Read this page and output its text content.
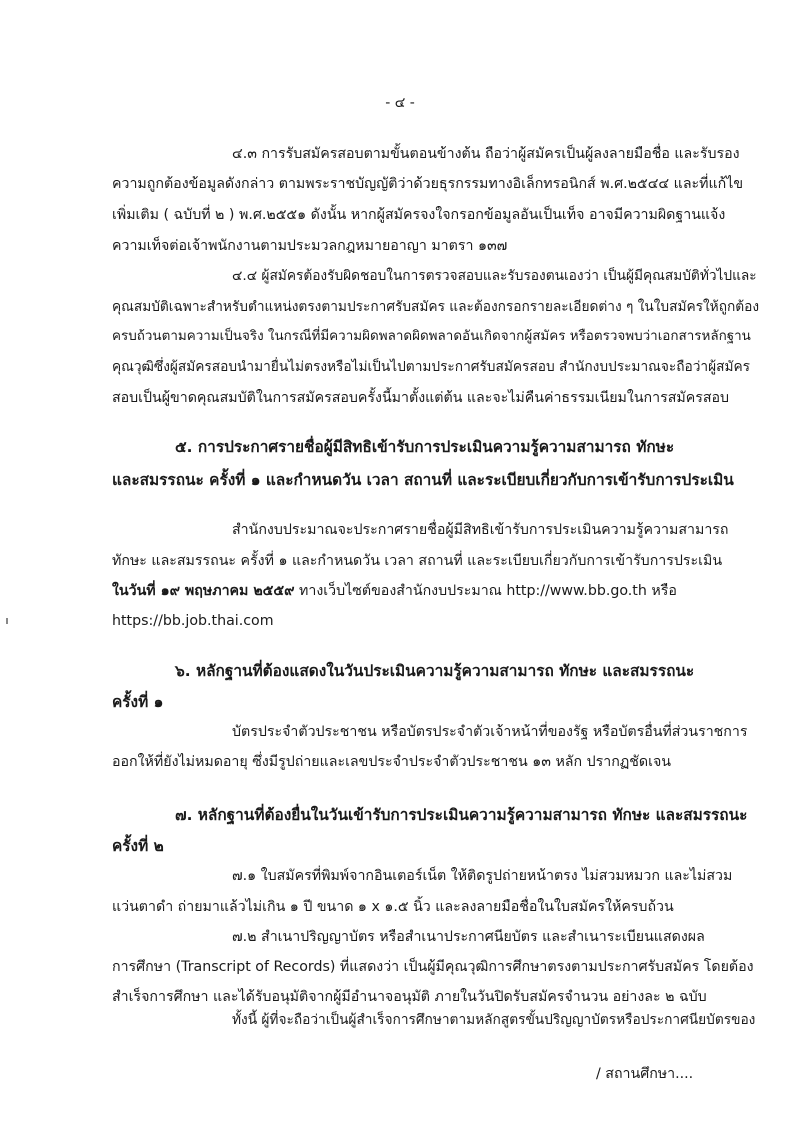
- ๔ -
๔.๓ การรับสมัครสอบตามขั้นตอนข้างต้น ถือว่าผู้สมัครเป็นผู้ลงลายมือชื่อ และรับรอง
ความถูกต้องข้อมูลดังกล่าว ตามพระราชบัญญัติว่าด้วยธุรกรรมทางอิเล็กทรอนิกส์ พ.ศ.๒๕๔๔ และที่แก้ไข
เพิ่มเติม ( ฉบับที่ ๒ ) พ.ศ.๒๕๕๑ ดังนั้น หากผู้สมัครจงใจกรอกข้อมูลอันเป็นเท็จ อาจมีความผิดฐานแจ้ง
ความเท็จต่อเจ้าพนักงานตามประมวลกฎหมายอาญา มาตรา ๑๓๗
๔.๔ ผู้สมัครต้องรับผิดชอบในการตรวจสอบและรับรองตนเองว่า เป็นผู้มีคุณสมบัติทั่วไปและ
คุณสมบัติเฉพาะสำหรับตำแหน่งตรงตามประกาศรับสมัคร และต้องกรอกรายละเอียดต่าง ๆ ในใบสมัครให้ถูกต้อง
ครบถ้วนตามความเป็นจริง ในกรณีที่มีความผิดพลาดผิดพลาดอันเกิดจากผู้สมัคร หรือตรวจพบว่าเอกสารหลักฐาน
คุณวุฒิซึ่งผู้สมัครสอบนำมายื่นไม่ตรงหรือไม่เป็นไปตามประกาศรับสมัครสอบ สำนักงบประมาณจะถือว่าผู้สมัคร
สอบเป็นผู้ขาดคุณสมบัติในการสมัครสอบครั้งนี้มาตั้งแต่ต้น และจะไม่คืนค่าธรรมเนียมในการสมัครสอบ
๕. การประกาศรายชื่อผู้มีสิทธิเข้ารับการประเมินความรู้ความสามารถ ทักษะ
และสมรรถนะ ครั้งที่ ๑ และกำหนดวัน เวลา สถานที่ และระเบียบเกี่ยวกับการเข้ารับการประเมิน
สำนักงบประมาณจะประกาศรายชื่อผู้มีสิทธิเข้ารับการประเมินความรู้ความสามารถ
ทักษะ และสมรรถนะ ครั้งที่ ๑ และกำหนดวัน เวลา สถานที่ และระเบียบเกี่ยวกับการเข้ารับการประเมิน
ในวันที่ ๑๙ พฤษภาคม ๒๕๕๙ ทางเว็บไซต์ของสำนักงบประมาณ http://www.bb.go.th หรือ
https://bb.job.thai.com
๖. หลักฐานที่ต้องแสดงในวันประเมินความรู้ความสามารถ ทักษะ และสมรรถนะ
ครั้งที่ ๑
บัตรประจำตัวประชาชน หรือบัตรประจำตัวเจ้าหน้าที่ของรัฐ หรือบัตรอื่นที่ส่วนราชการ
ออกให้ที่ยังไม่หมดอายุ ซึ่งมีรูปถ่ายและเลขประจำประจำตัวประชาชน ๑๓ หลัก ปรากฏชัดเจน
๗. หลักฐานที่ต้องยื่นในวันเข้ารับการประเมินความรู้ความสามารถ ทักษะ และสมรรถนะ
ครั้งที่ ๒
๗.๑ ใบสมัครที่พิมพ์จากอินเตอร์เน็ต ให้ติดรูปถ่ายหน้าตรง ไม่สวมหมวก และไม่สวม
แว่นตาดำ ถ่ายมาแล้วไม่เกิน ๑ ปี ขนาด ๑ x ๑.๕ นิ้ว และลงลายมือชื่อในใบสมัครให้ครบถ้วน
๗.๒ สำเนาปริญญาบัตร หรือสำเนาประกาศนียบัตร และสำเนาระเบียนแสดงผล
การศึกษา (Transcript of Records) ที่แสดงว่า เป็นผู้มีคุณวุฒิการศึกษาตรงตามประกาศรับสมัคร โดยต้อง
สำเร็จการศึกษา และได้รับอนุมัติจากผู้มีอำนาจอนุมัติ ภายในวันปิดรับสมัครจำนวน อย่างละ ๒ ฉบับ
ทั้งนี้ ผู้ที่จะถือว่าเป็นผู้สำเร็จการศึกษาตามหลักสูตรขั้นปริญญาบัตรหรือประกาศนียบัตรของ
/ สถานศึกษา....
